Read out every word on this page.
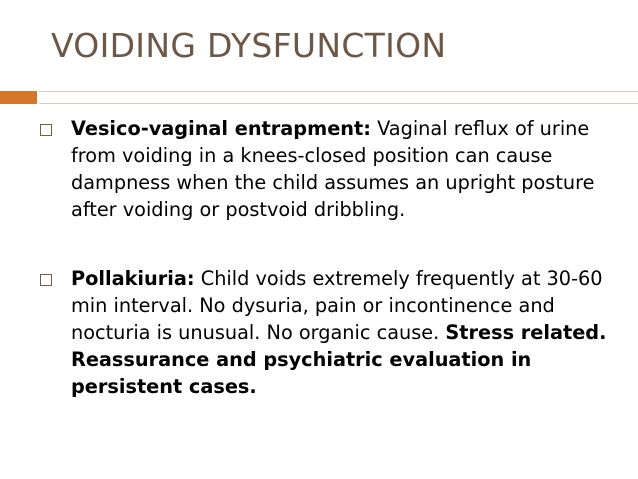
VOIDING DYSFUNCTION
Vesico-vaginal entrapment: Vaginal reflux of urine from voiding in a knees-closed position can cause dampness when the child assumes an upright posture after voiding or postvoid dribbling.
Pollakiuria: Child voids extremely frequently at 30-60 min interval. No dysuria, pain or incontinence and nocturia is unusual. No organic cause. Stress related. Reassurance and psychiatric evaluation in persistent cases.
